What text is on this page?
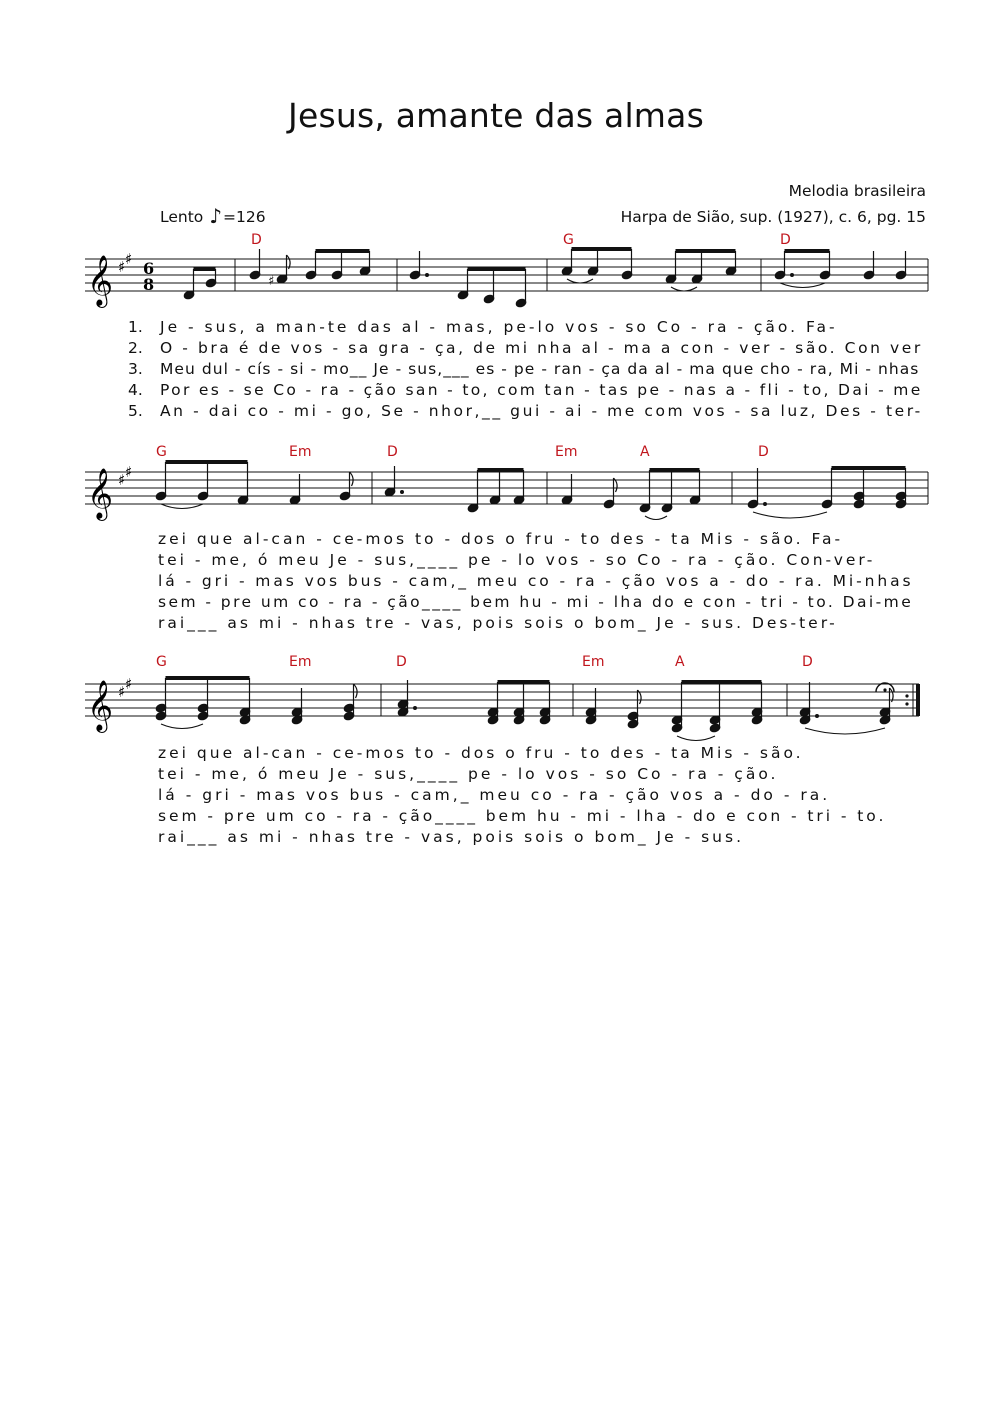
Jesus, amante das almas
Melodia brasileira
Harpa de Sião, sup. (1927), c. 6, pg. 15
Lento ♪=126
D	G	D
𝄞 ♯ ♯ 6
8	♯
1.
2.
3.
4.
5.
Je - sus, a man-te das al - mas, pe-lo vos - so Co - ra - ção. Fa-
O - bra é de vos - sa gra - ça, de mi nha al - ma a con - ver - são. Con ver
Meu dul - cís - si - mo__ Je - sus,___ es - pe - ran - ça da al - ma que cho - ra, Mi - nhas
Por es - se Co - ra - ção san - to, com tan - tas pe - nas a - fli - to, Dai - me
An - dai co - mi - go, Se - nhor,__ gui - ai - me com vos - sa luz, Des - ter-
G	Em	D	Em	A	D
𝄞 ♯ ♯
zei que al-can - ce-mos to - dos o fru - to des - ta Mis - são. Fa-
tei - me, ó meu Je - sus,____ pe - lo vos - so Co - ra - ção. Con-ver-
lá - gri - mas vos bus - cam,_ meu co - ra - ção vos a - do - ra. Mi-nhas
sem - pre um co - ra - ção____ bem hu - mi - lha do e con - tri - to. Dai-me
rai___ as mi - nhas tre - vas, pois sois o bom_ Je - sus. Des-ter-
G	Em	D	Em	A	D
𝄞 ♯ ♯
zei que al-can - ce-mos to - dos o fru - to des - ta Mis - são.
tei - me, ó meu Je - sus,____ pe - lo vos - so Co - ra - ção.
lá - gri - mas vos bus - cam,_ meu co - ra - ção vos a - do - ra.
sem - pre um co - ra - ção____ bem hu - mi - lha - do e con - tri - to.
rai___ as mi - nhas tre - vas, pois sois o bom_ Je - sus.
